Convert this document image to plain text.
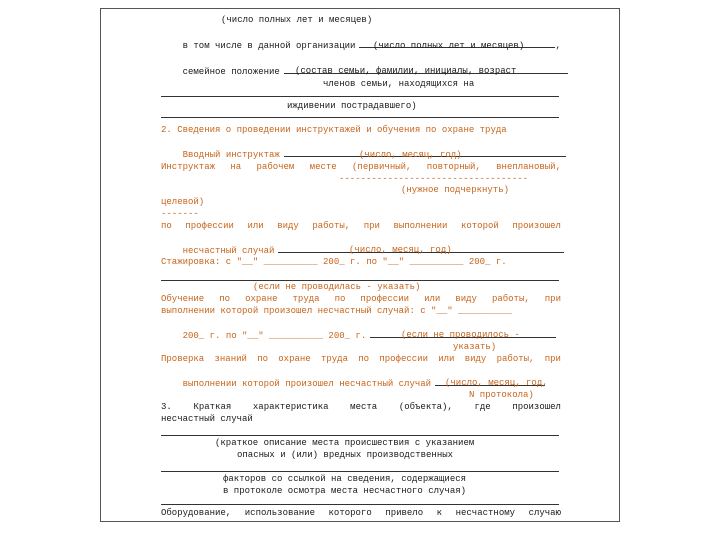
(число полных лет и месяцев)

в том числе в данной организации	,

(число полных лет и месяцев)

семейное положение
	(состав семьи, фамилии, инициалы, возраст
членов семьи, находящихся на
иждивении пострадавшего)
2. Сведения о проведении инструктажей и обучения по охране труда

Вводный инструктаж
	(число, месяц, год)
Инструктаж на рабочем месте (первичный, повторный, внеплановый,
-----------------------------------
(нужное подчеркнуть)
целевой)
-------
по профессии или виду работы, при выполнении которой произошел

несчастный случай
	(число, месяц, год)
Стажировка: с "__" __________ 200_ г. по "__" __________ 200_ г.
(если не проводилась - указать)
Обучение по охране труда по профессии или виду работы, при
выполнении которой произошел несчастный случай: с "__" __________

200_ г. по "__" __________ 200_ г.
	(если не проводилось -
указать)
Проверка знаний по охране труда по профессии или виду работы, при

выполнении которой произошел несчастный случай
	(число, месяц, год,
N протокола)
3. Краткая характеристика места (объекта), где произошел
несчастный случай
(краткое описание места происшествия с указанием
опасных и (или) вредных производственных
факторов со ссылкой на сведения, содержащиеся
в протоколе осмотра места несчастного случая)
Оборудование, использование которого привело к несчастному случаю
